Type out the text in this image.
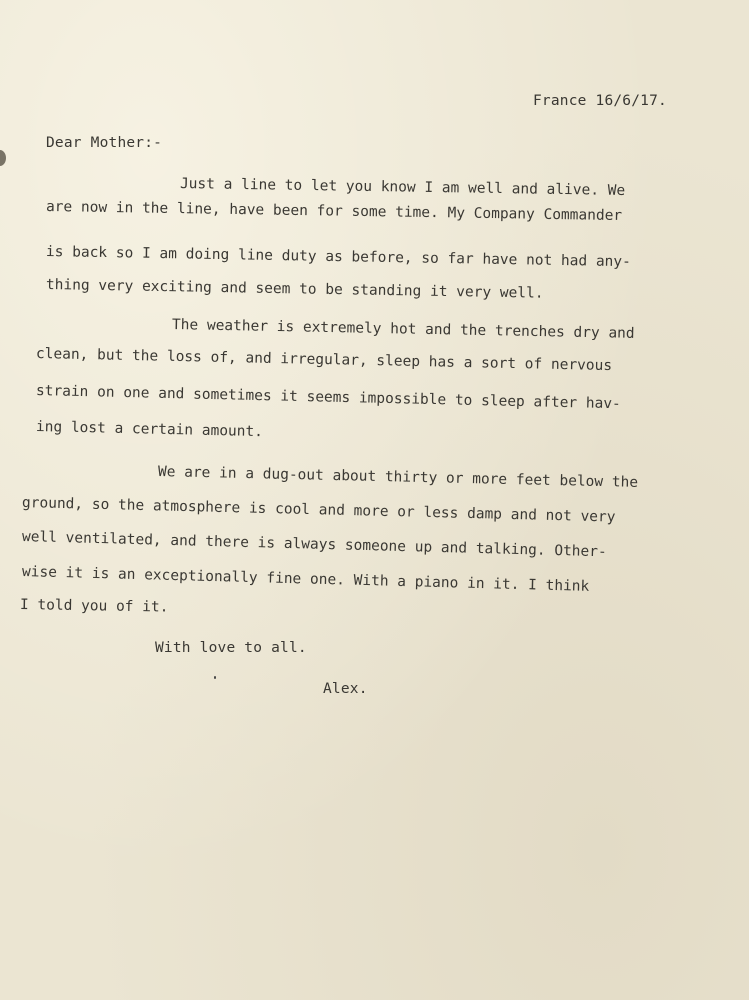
France 16/6/17.
Dear Mother:-
Just a line to let you know I am well and alive. We
are now in the line, have been for some time. My Company Commander
is back so I am doing line duty as before, so far have not had any-
thing very exciting and seem to be standing it very well.
The weather is extremely hot and the trenches dry and
clean, but the loss of, and irregular, sleep has a sort of nervous
strain on one and sometimes it seems impossible to sleep after hav-
ing lost a certain amount.
We are in a dug-out about thirty or more feet below the
ground, so the atmosphere is cool and more or less damp and not very
well ventilated, and there is always someone up and talking. Other-
wise it is an exceptionally fine one. With a piano in it. I think
I told you of it.
With love to all.
Alex.
